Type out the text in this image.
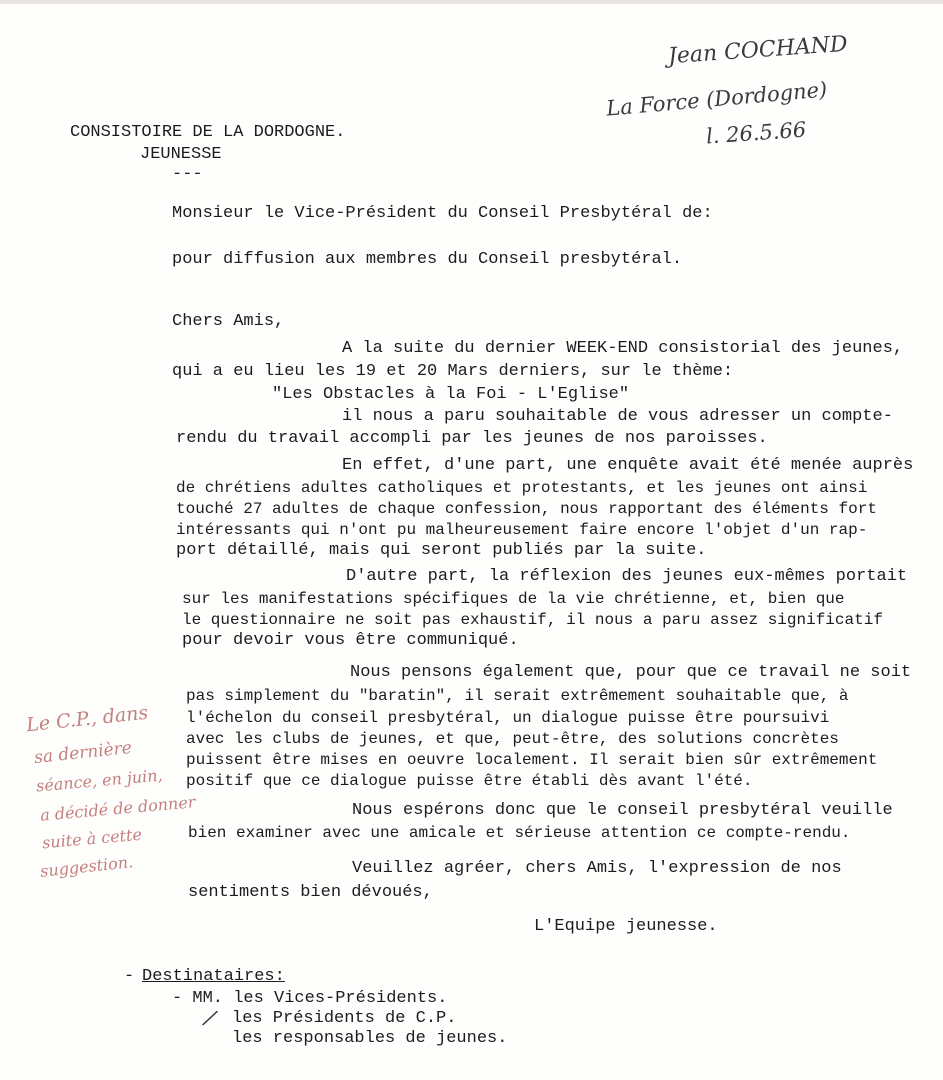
Jean COCHAND
La Force (Dordogne)
l. 26.5.66
CONSISTOIRE DE LA DORDOGNE.
JEUNESSE
---
Monsieur le Vice-Président du Conseil Presbytéral de:
pour diffusion aux membres du Conseil presbytéral.
Chers Amis,
A la suite du dernier WEEK-END consistorial des jeunes,
qui a eu lieu les 19 et 20 Mars derniers, sur le thème:
"Les Obstacles à la Foi - L'Eglise"
il nous a paru souhaitable de vous adresser un compte-
rendu du travail accompli par les jeunes de nos paroisses.
En effet, d'une part, une enquête avait été menée auprès
de chrétiens adultes catholiques et protestants, et les jeunes ont ainsi
touché 27 adultes de chaque confession, nous rapportant des éléments fort
intéressants qui n'ont pu malheureusement faire encore l'objet d'un rap-
port détaillé, mais qui seront publiés par la suite.
D'autre part, la réflexion des jeunes eux-mêmes portait
sur les manifestations spécifiques de la vie chrétienne, et, bien que
le questionnaire ne soit pas exhaustif, il nous a paru assez significatif
pour devoir vous être communiqué.
Nous pensons également que, pour que ce travail ne soit
pas simplement du "baratin", il serait extrêmement souhaitable que, à
l'échelon du conseil presbytéral, un dialogue puisse être poursuivi
avec les clubs de jeunes, et que, peut-être, des solutions concrètes
puissent être mises en oeuvre localement. Il serait bien sûr extrêmement
positif que ce dialogue puisse être établi dès avant l'été.
Nous espérons donc que le conseil presbytéral veuille
bien examiner avec une amicale et sérieuse attention ce compte-rendu.
Veuillez agréer, chers Amis, l'expression de nos
sentiments bien dévoués,
L'Equipe jeunesse.
Le C.P., dans
sa dernière
séance, en juin,
a décidé de donner
suite à cette
suggestion.
- Destinataires:
- MM. les Vices-Présidents.
/ les Présidents de C.P.
les responsables de jeunes.
